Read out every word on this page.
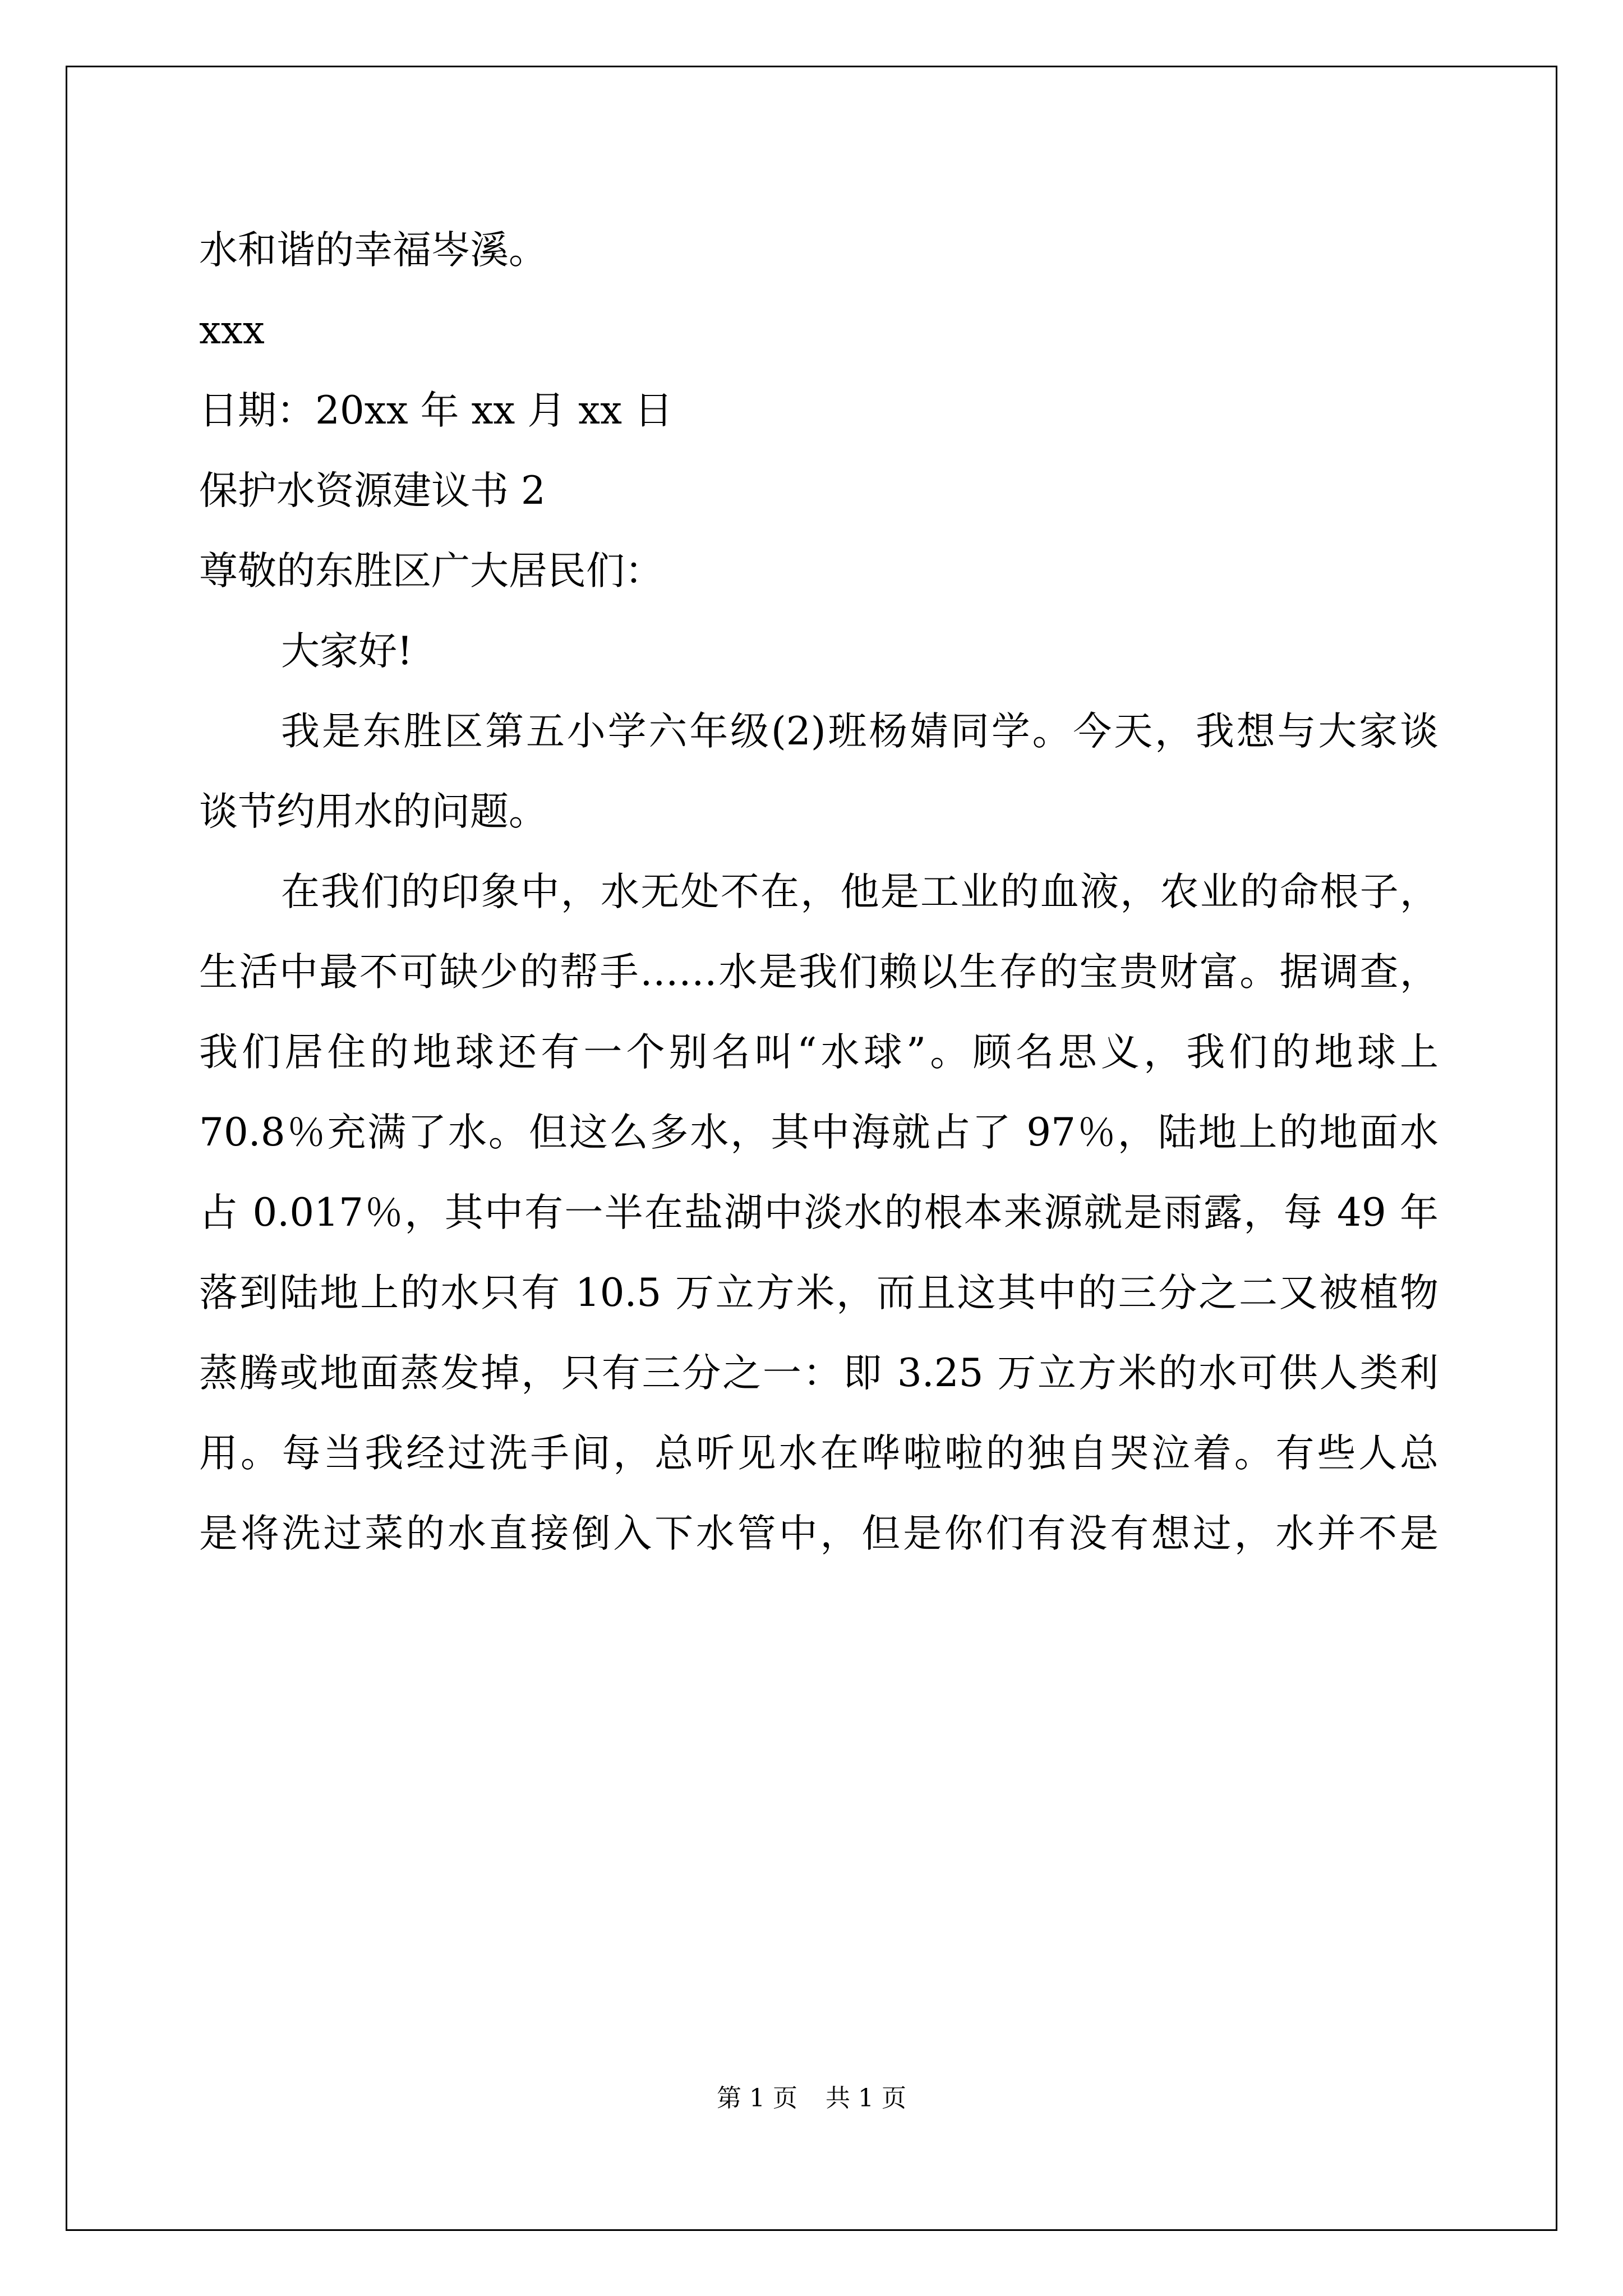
水和谐的幸福岑溪。
xxx
日期：20xx 年 xx 月 xx 日
保护水资源建议书 2
尊敬的东胜区广大居民们：
大家好!
我是东胜区第五小学六年级(2)班杨婧同学。今天，我想与大家谈
谈节约用水的问题。
在我们的印象中，水无处不在，他是工业的血液，农业的命根子，
生活中最不可缺少的帮手……水是我们赖以生存的宝贵财富。据调查，
我们居住的地球还有一个别名叫“水球”。顾名思义，我们的地球上
70.8％充满了水。但这么多水，其中海就占了 97％，陆地上的地面水
占 0.017％，其中有一半在盐湖中淡水的根本来源就是雨露，每 49 年
落到陆地上的水只有 10.5 万立方米，而且这其中的三分之二又被植物
蒸腾或地面蒸发掉，只有三分之一：即 3.25 万立方米的水可供人类利
用。每当我经过洗手间，总听见水在哗啦啦的独自哭泣着。有些人总
是将洗过菜的水直接倒入下水管中，但是你们有没有想过，水并不是
第 1 页 共 1 页
